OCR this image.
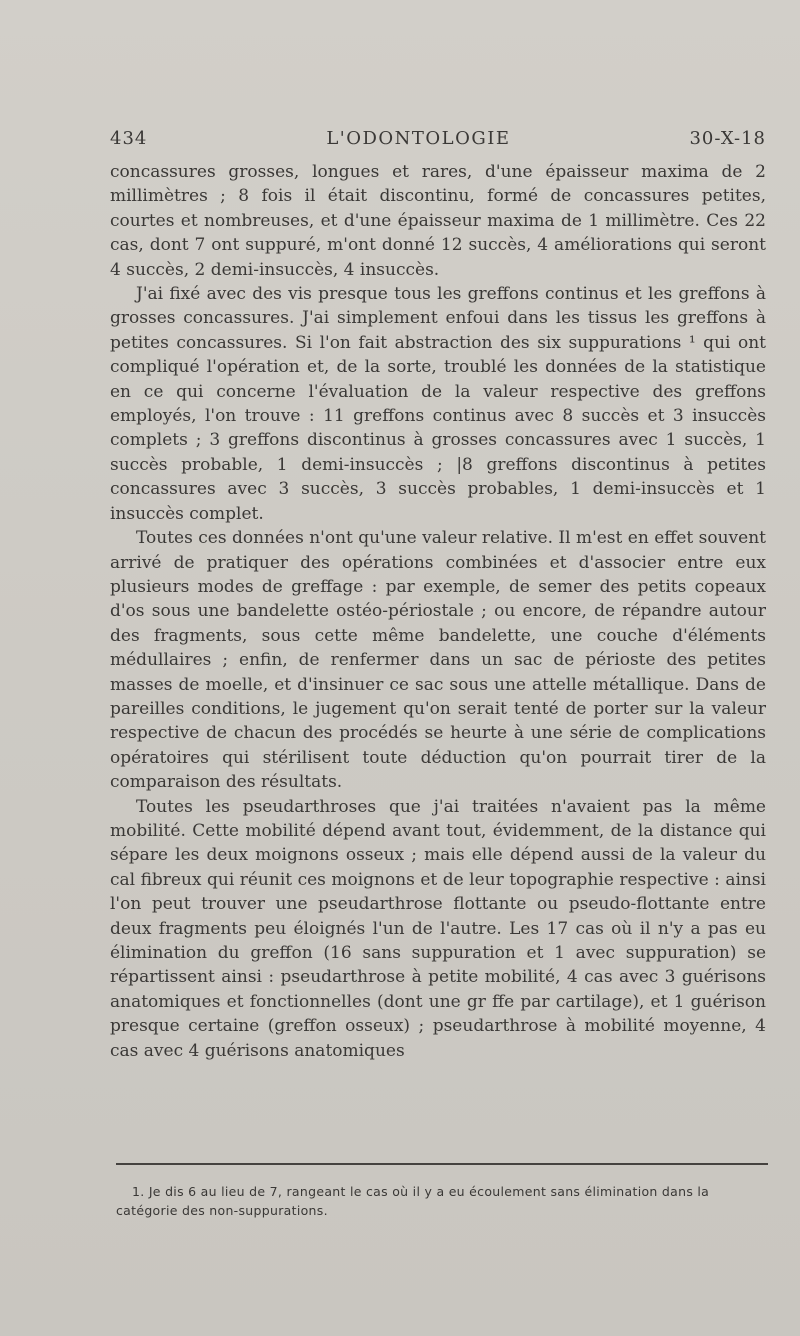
434	L'ODONTOLOGIE	30-X-18

concassures grosses, longues et rares, d'une épaisseur maxima de 2 millimètres ; 8 fois il était discontinu, formé de concassures petites, courtes et nombreuses, et d'une épaisseur maxima de 1 millimètre. Ces 22 cas, dont 7 ont suppuré, m'ont donné 12 succès, 4 améliorations qui seront 4 succès, 2 demi-insuccès, 4 insuccès.

J'ai fixé avec des vis presque tous les greffons continus et les greffons à grosses concassures. J'ai simplement enfoui dans les tissus les greffons à petites concassures. Si l'on fait abstraction des six suppurations ¹ qui ont compliqué l'opération et, de la sorte, troublé les données de la statistique en ce qui concerne l'évaluation de la valeur respective des greffons employés, l'on trouve : 11 greffons continus avec 8 succès et 3 insuccès complets ; 3 greffons discontinus à grosses concassures avec 1 succès, 1 succès probable, 1 demi-insuccès ; |8 greffons discontinus à petites concassures avec 3 succès, 3 succès probables, 1 demi-insuccès et 1 insuccès complet.

Toutes ces données n'ont qu'une valeur relative. Il m'est en effet souvent arrivé de pratiquer des opérations combinées et d'associer entre eux plusieurs modes de greffage : par exemple, de semer des petits copeaux d'os sous une bandelette ostéo-périostale ; ou encore, de répandre autour des fragments, sous cette même bandelette, une couche d'éléments médullaires ; enfin, de renfermer dans un sac de périoste des petites masses de moelle, et d'insinuer ce sac sous une attelle métallique. Dans de pareilles conditions, le jugement qu'on serait tenté de porter sur la valeur respective de chacun des procédés se heurte à une série de complications opératoires qui stérilisent toute déduction qu'on pourrait tirer de la comparaison des résultats.

Toutes les pseudarthroses que j'ai traitées n'avaient pas la même mobilité. Cette mobilité dépend avant tout, évidemment, de la distance qui sépare les deux moignons osseux ; mais elle dépend aussi de la valeur du cal fibreux qui réunit ces moignons et de leur topographie respective : ainsi l'on peut trouver une pseudarthrose flottante ou pseudo-flottante entre deux fragments peu éloignés l'un de l'autre. Les 17 cas où il n'y a pas eu élimination du greffon (16 sans suppuration et 1 avec suppuration) se répartissent ainsi : pseudarthrose à petite mobilité, 4 cas avec 3 guérisons anatomiques et fonctionnelles (dont une gr ffe par cartilage), et 1 guérison presque certaine (greffon osseux) ; pseudarthrose à mobilité moyenne, 4 cas avec 4 guérisons anatomiques

1. Je dis 6 au lieu de 7, rangeant le cas où il y a eu écoulement sans élimination dans la catégorie des non-suppurations.
